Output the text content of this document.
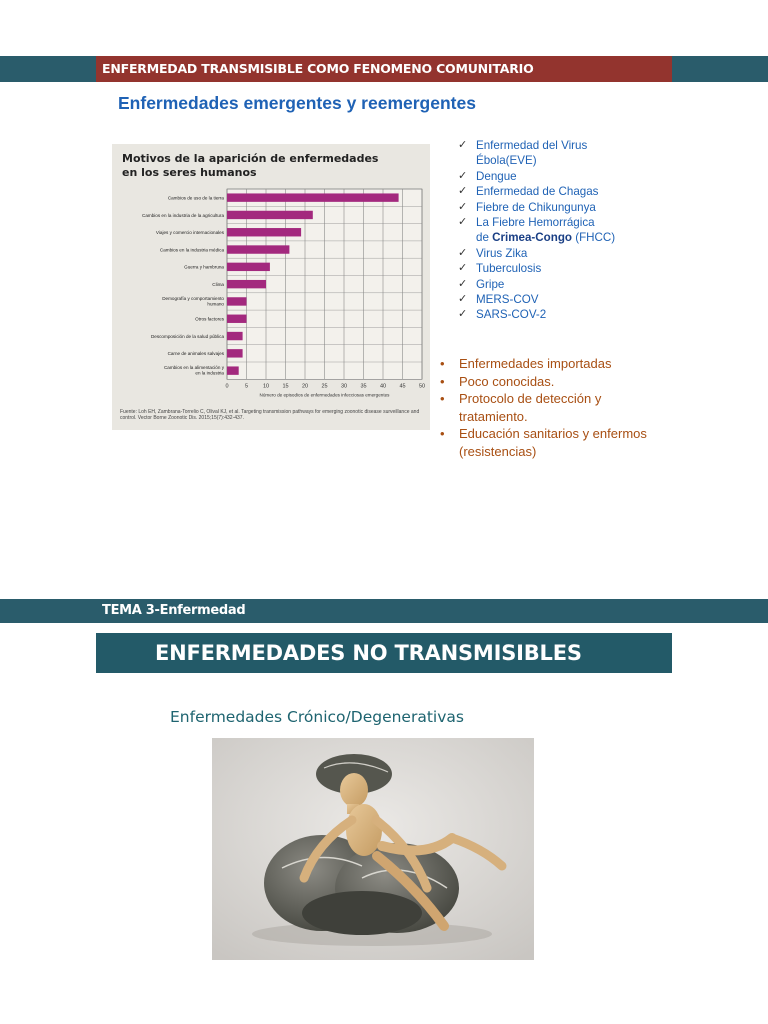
ENFERMEDAD TRANSMISIBLE COMO FENOMENO COMUNITARIO
Enfermedades emergentes y reemergentes
Motivos de la aparición de enfermedades
en los seres humanos
0	5	10 15 20 25 30 35 40 45 50
Cambios de uso de la tierra
Cambios en la industria de la agricultura
Viajes y comercio internacionales
Cambios en la industria médica
Guerra y hambruna
Clima
Demografía y comportamiento humano
Otros factores
Descomposición de la salud pública
Carne de animales salvajes
Cambios en la alimentación y en la industria
Número de episodios de enfermedades infecciosas emergentes
Fuente: Loh EH, Zambrana-Torrelio C, Olival KJ, et al. Targeting transmission pathways for emerging zoonotic disease surveillance and control. Vector Borne Zoonotic Dis. 2015;15(7):432-437.
✓ Enfermedad del Virus
Ébola(EVE)
✓ Dengue
✓ Enfermedad de Chagas
✓ Fiebre de Chikungunya
✓ La Fiebre Hemorrágica
de Crimea-Congo (FHCC)
✓ Virus Zika
✓ Tuberculosis
✓ Gripe
✓ MERS-COV
✓ SARS-COV-2
• Enfermedades importadas
• Poco conocidas.
• Protocolo de detección y
tratamiento.
• Educación sanitarios y enfermos
(resistencias)
TEMA 3-Enfermedad
ENFERMEDADES NO TRANSMISIBLES
Enfermedades Crónico/Degenerativas
